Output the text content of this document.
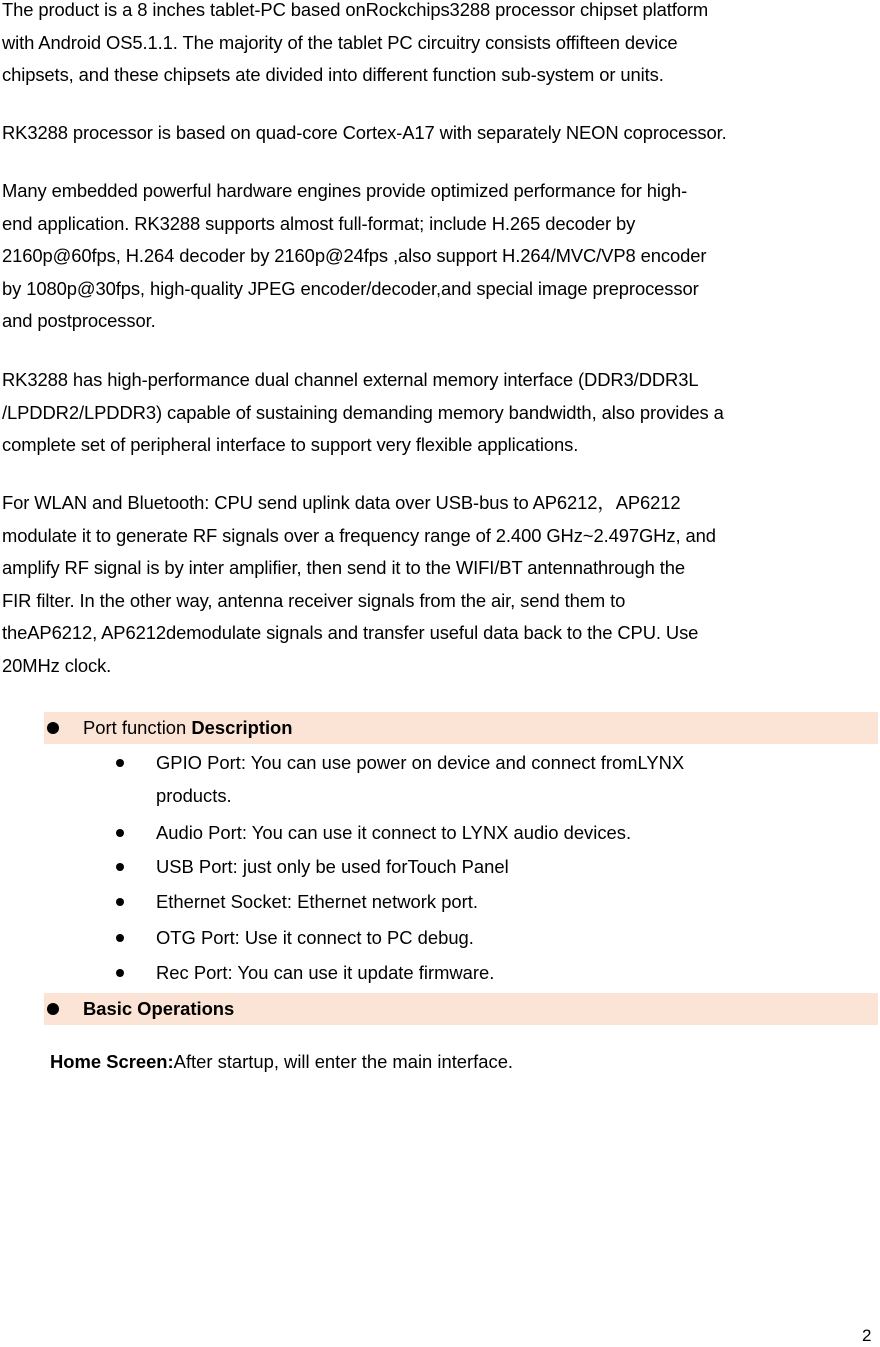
The product is a 8 inches tablet-PC based onRockchips3288 processor chipset platform
with Android OS5.1.1. The majority of the tablet PC circuitry consists offifteen device
chipsets, and these chipsets ate divided into different function sub-system or units.
RK3288 processor is based on quad-core Cortex-A17 with separately NEON coprocessor.
Many embedded powerful hardware engines provide optimized performance for high-
end application. RK3288 supports almost full-format; include H.265 decoder by
2160p@60fps, H.264 decoder by 2160p@24fps ,also support H.264/MVC/VP8 encoder
by 1080p@30fps, high-quality JPEG encoder/decoder,and special image preprocessor
and postprocessor.
RK3288 has high-performance dual channel external memory interface (DDR3/DDR3L
/LPDDR2/LPDDR3) capable of sustaining demanding memory bandwidth, also provides a
complete set of peripheral interface to support very flexible applications.
For WLAN and Bluetooth: CPU send uplink data over USB-bus to AP6212，AP6212
modulate it to generate RF signals over a frequency range of 2.400 GHz~2.497GHz, and
amplify RF signal is by inter amplifier, then send it to the WIFI/BT antennathrough the
FIR filter. In the other way, antenna receiver signals from the air, send them to
theAP6212, AP6212demodulate signals and transfer useful data back to the CPU. Use
20MHz clock.
Port function Description
GPIO Port: You can use power on device and connect fromLYNX
products.
Audio Port: You can use it connect to LYNX audio devices.
USB Port: just only be used forTouch Panel
Ethernet Socket: Ethernet network port.
OTG Port: Use it connect to PC debug.
Rec Port: You can use it update firmware.
Basic Operations
Home Screen:After startup, will enter the main interface.
2
